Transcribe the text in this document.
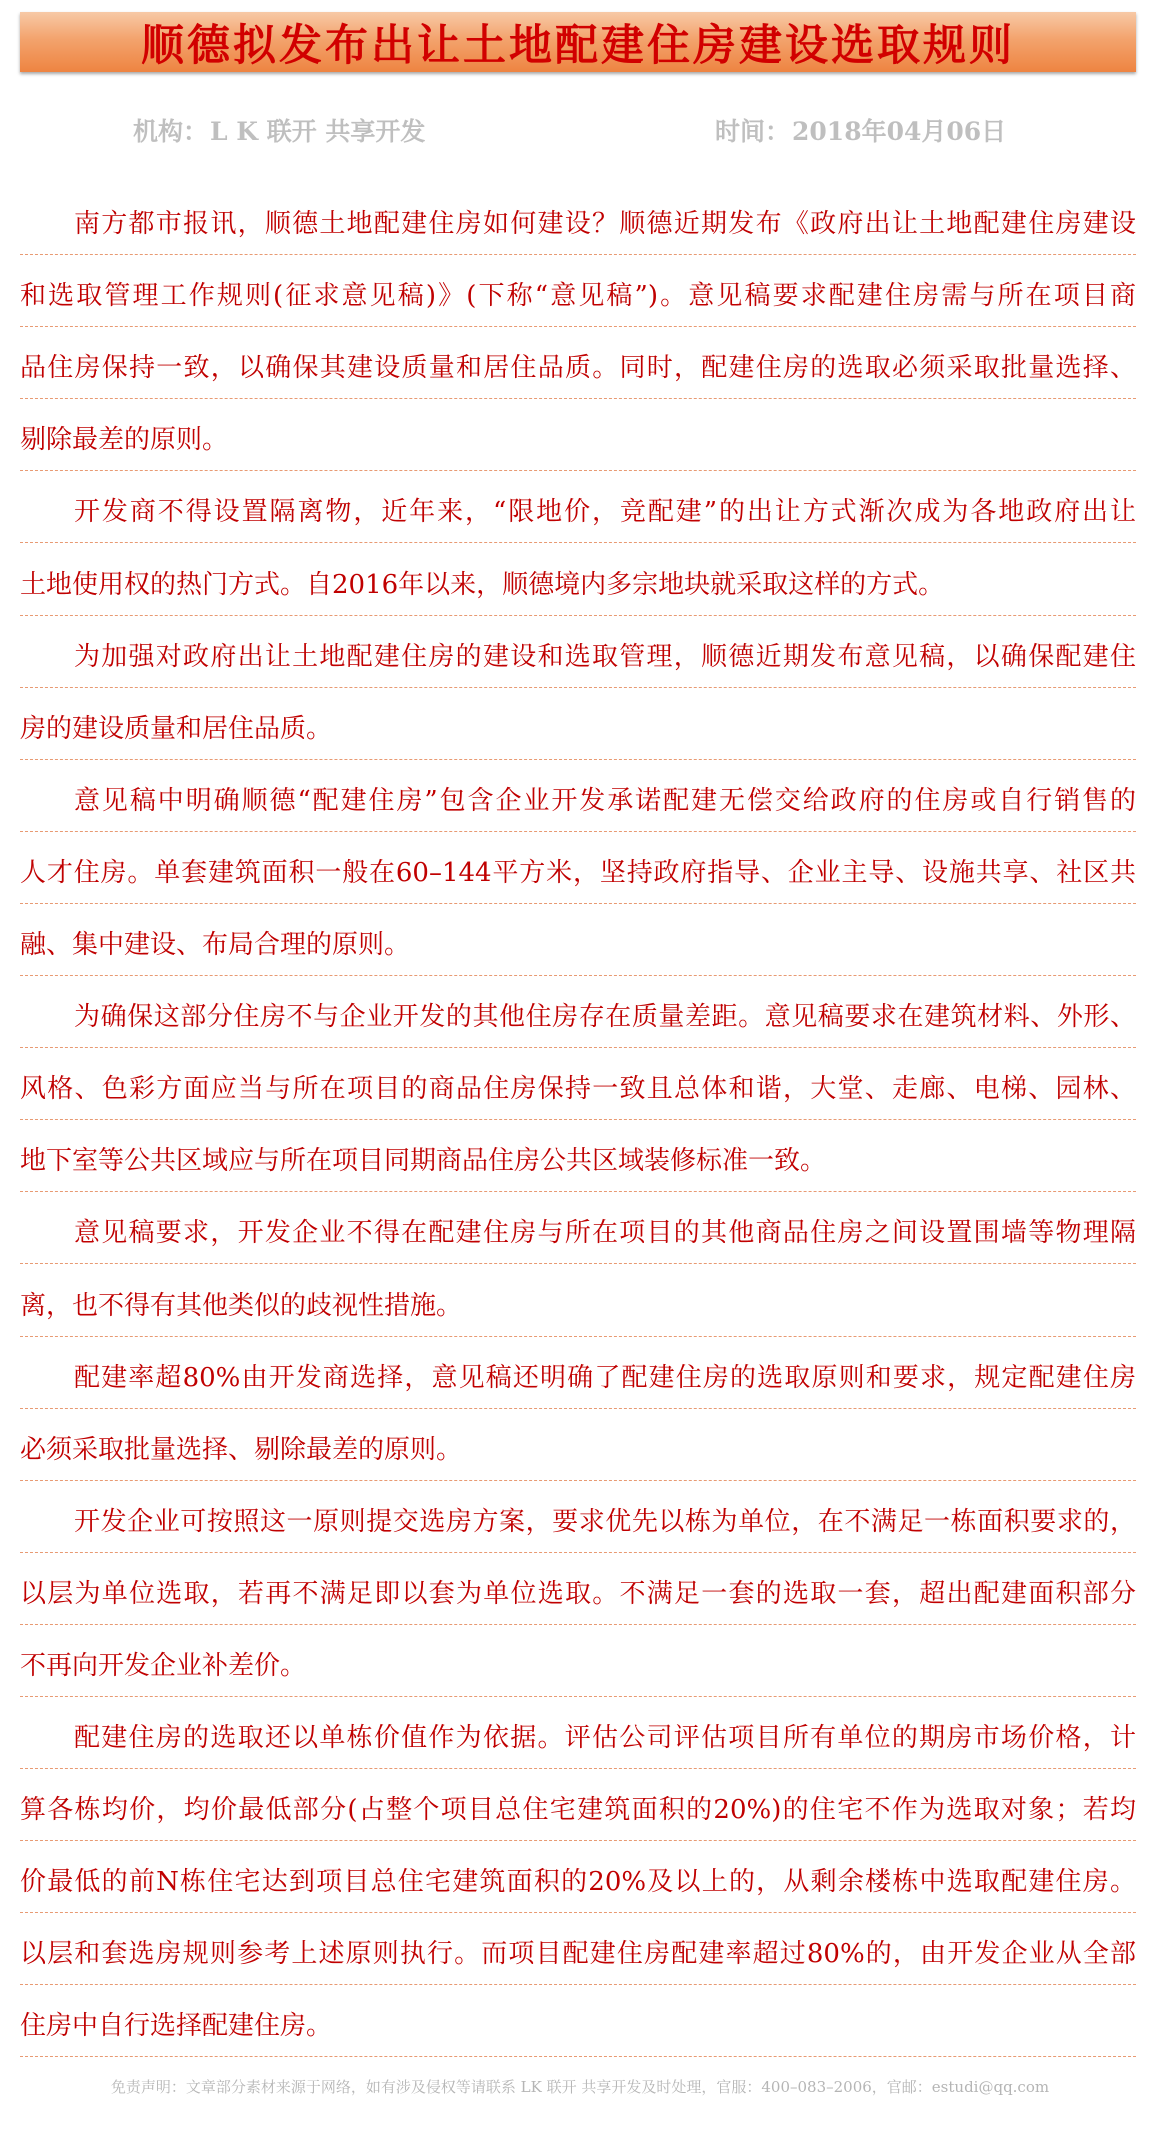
顺德拟发布出让土地配建住房建设选取规则
机构：L K 联开 共享开发	时间：2018年04月06日
南方都市报讯，顺德土地配建住房如何建设？顺德近期发布《政府出让土地配建住房建设
和选取管理工作规则(征求意见稿)》(下称“意见稿”)。意见稿要求配建住房需与所在项目商
品住房保持一致，以确保其建设质量和居住品质。同时，配建住房的选取必须采取批量选择、
剔除最差的原则。
开发商不得设置隔离物，近年来，“限地价，竞配建”的出让方式渐次成为各地政府出让
土地使用权的热门方式。自2016年以来，顺德境内多宗地块就采取这样的方式。
为加强对政府出让土地配建住房的建设和选取管理，顺德近期发布意见稿，以确保配建住
房的建设质量和居住品质。
意见稿中明确顺德“配建住房”包含企业开发承诺配建无偿交给政府的住房或自行销售的
人才住房。单套建筑面积一般在60–144平方米，坚持政府指导、企业主导、设施共享、社区共
融、集中建设、布局合理的原则。
为确保这部分住房不与企业开发的其他住房存在质量差距。意见稿要求在建筑材料、外形、
风格、色彩方面应当与所在项目的商品住房保持一致且总体和谐，大堂、走廊、电梯、园林、
地下室等公共区域应与所在项目同期商品住房公共区域装修标准一致。
意见稿要求，开发企业不得在配建住房与所在项目的其他商品住房之间设置围墙等物理隔
离，也不得有其他类似的歧视性措施。
配建率超80%由开发商选择，意见稿还明确了配建住房的选取原则和要求，规定配建住房
必须采取批量选择、剔除最差的原则。
开发企业可按照这一原则提交选房方案，要求优先以栋为单位，在不满足一栋面积要求的，
以层为单位选取，若再不满足即以套为单位选取。不满足一套的选取一套，超出配建面积部分
不再向开发企业补差价。
配建住房的选取还以单栋价值作为依据。评估公司评估项目所有单位的期房市场价格，计
算各栋均价，均价最低部分(占整个项目总住宅建筑面积的20%)的住宅不作为选取对象；若均
价最低的前N栋住宅达到项目总住宅建筑面积的20%及以上的，从剩余楼栋中选取配建住房。
以层和套选房规则参考上述原则执行。而项目配建住房配建率超过80%的，由开发企业从全部
住房中自行选择配建住房。
免责声明：文章部分素材来源于网络，如有涉及侵权等请联系 LK 联开 共享开发及时处理，官服：400–083–2006，官邮：estudi@qq.com
